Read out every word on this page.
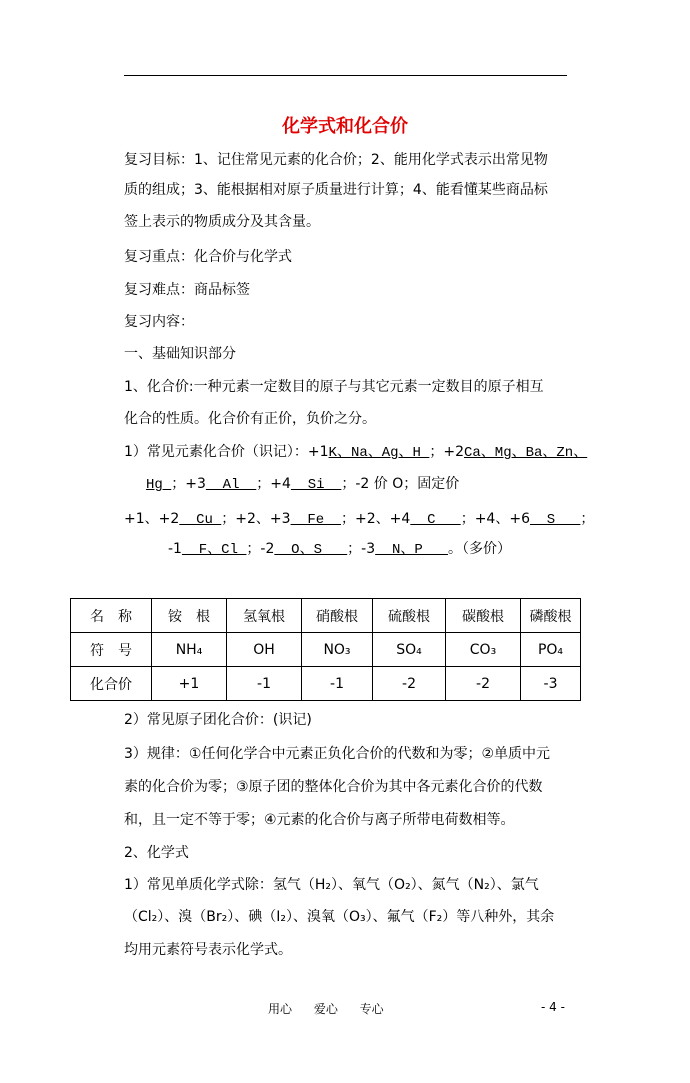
化学式和化合价
复习目标：1、记住常见元素的化合价；2、能用化学式表示出常见物
质的组成；3、能根据相对原子质量进行计算；4、能看懂某些商品标
签上表示的物质成分及其含量。
复习重点：化合价与化学式
复习难点：商品标签
复习内容：
一、基础知识部分
1、化合价:一种元素一定数目的原子与其它元素一定数目的原子相互
化合的性质。化合价有正价，负价之分。
1）常见元素化合价（识记）：+1K、Na、Ag、H ；+2Ca、Mg、Ba、Zn、
Hg ；+3  Al  ；+4  Si  ；-2 价 O；固定价
+1、+2  Cu ；+2、+3  Fe  ；+2、+4  C   ；+4、+6  S   ；
-1  F、Cl ；-2  O、S   ；-3  N、P   。（多价）
名　称	铵　根	氢氧根	硝酸根	硫酸根	碳酸根	磷酸根
符　号	NH₄	OH	NO₃	SO₄	CO₃	PO₄
化合价	+1	-1	-1	-2	-2	-3
2）常见原子团化合价：(识记)
3）规律：①任何化学合中元素正负化合价的代数和为零；②单质中元
素的化合价为零；③原子团的整体化合价为其中各元素化合价的代数
和，且一定不等于零；④元素的化合价与离子所带电荷数相等。
2、化学式
1）常见单质化学式除：氢气（H₂）、氧气（O₂）、氮气（N₂）、氯气
（Cl₂）、溴（Br₂）、碘（I₂）、溴氧（O₃）、氟气（F₂）等八种外，其余
均用元素符号表示化学式。
用心 爱心 专心	- 4 -
